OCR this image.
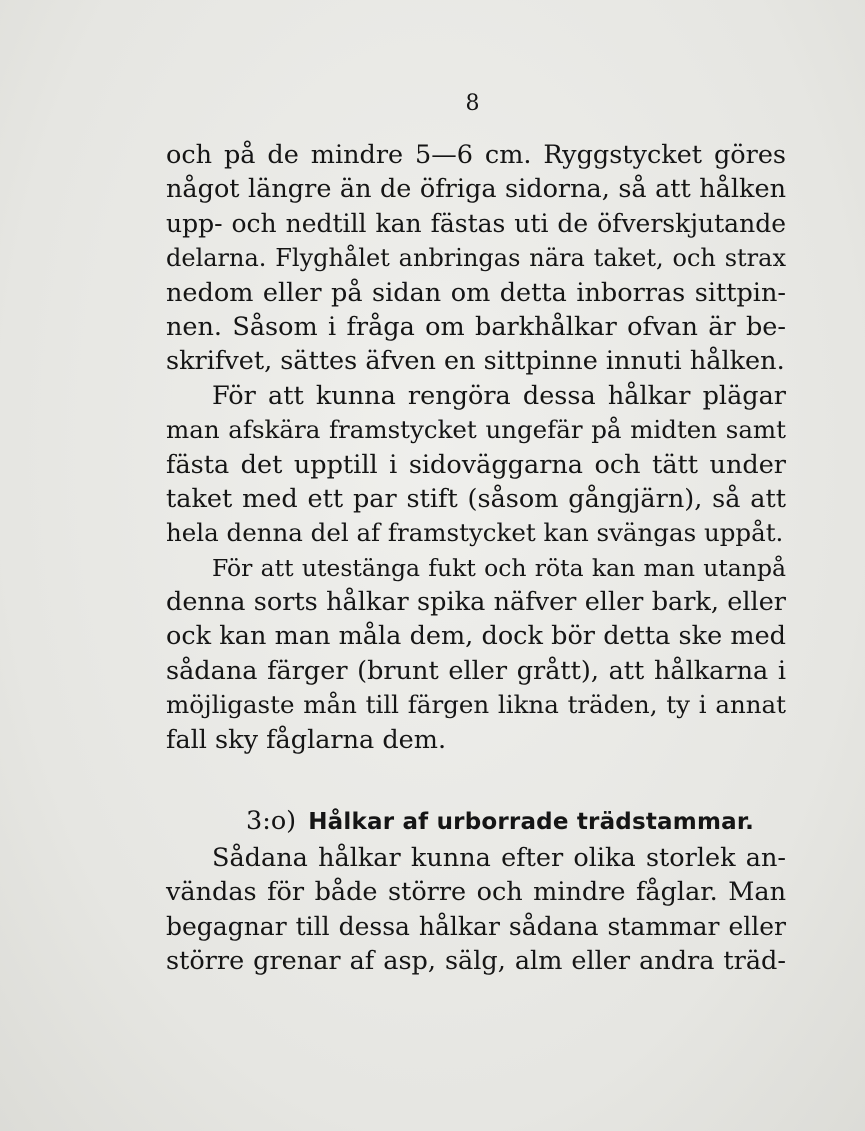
8
och på de mindre 5—6 cm. Ryggstycket göres
något längre än de öfriga sidorna, så att hålken
upp- och nedtill kan fästas uti de öfverskjutande
delarna. Flyghålet anbringas nära taket, och strax
nedom eller på sidan om detta inborras sittpin-
nen. Såsom i fråga om barkhålkar ofvan är be-
skrifvet, sättes äfven en sittpinne innuti hålken.
För att kunna rengöra dessa hålkar plägar
man afskära framstycket ungefär på midten samt
fästa det upptill i sidoväggarna och tätt under
taket med ett par stift (såsom gångjärn), så att
hela denna del af framstycket kan svängas uppåt.
För att utestänga fukt och röta kan man utanpå
denna sorts hålkar spika näfver eller bark, eller
ock kan man måla dem, dock bör detta ske med
sådana färger (brunt eller grått), att hålkarna i
möjligaste mån till färgen likna träden, ty i annat
fall sky fåglarna dem.
3:o) Hålkar af urborrade trädstammar.
Sådana hålkar kunna efter olika storlek an-
vändas för både större och mindre fåglar. Man
begagnar till dessa hålkar sådana stammar eller
större grenar af asp, sälg, alm eller andra träd-
